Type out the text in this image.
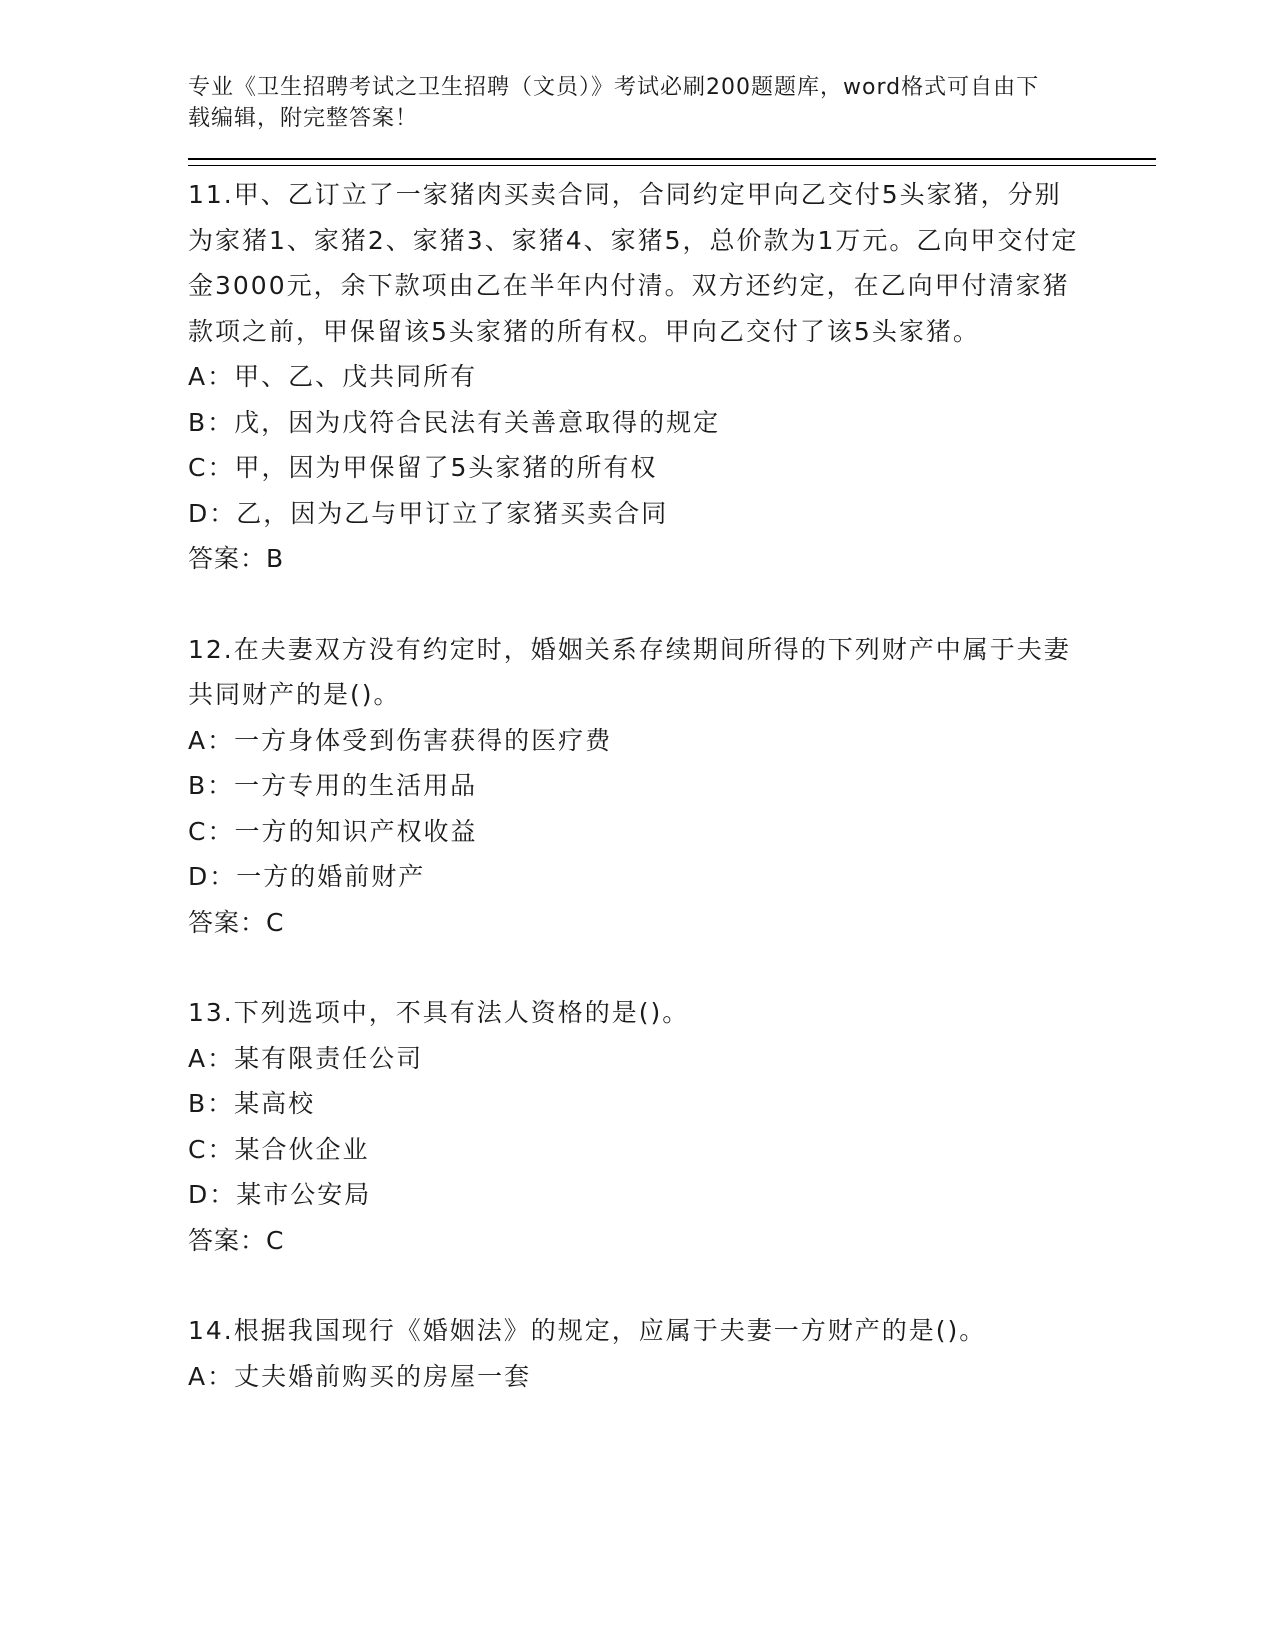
专业《卫生招聘考试之卫生招聘（文员）》考试必刷200题题库，word格式可自由下载编辑，附完整答案！

11.甲、乙订立了一家猪肉买卖合同，合同约定甲向乙交付5头家猪，分别为家猪1、家猪2、家猪3、家猪4、家猪5，总价款为1万元。乙向甲交付定金3000元，余下款项由乙在半年内付清。双方还约定，在乙向甲付清家猪款项之前，甲保留该5头家猪的所有权。甲向乙交付了该5头家猪。

A：甲、乙、戊共同所有

B：戊，因为戊符合民法有关善意取得的规定

C：甲，因为甲保留了5头家猪的所有权

D：乙，因为乙与甲订立了家猪买卖合同

答案：B

12.在夫妻双方没有约定时，婚姻关系存续期间所得的下列财产中属于夫妻共同财产的是()。

A：一方身体受到伤害获得的医疗费

B：一方专用的生活用品

C：一方的知识产权收益

D：一方的婚前财产

答案：C

13.下列选项中，不具有法人资格的是()。

A：某有限责任公司

B：某高校

C：某合伙企业

D：某市公安局

答案：C

14.根据我国现行《婚姻法》的规定，应属于夫妻一方财产的是()。

A：丈夫婚前购买的房屋一套
